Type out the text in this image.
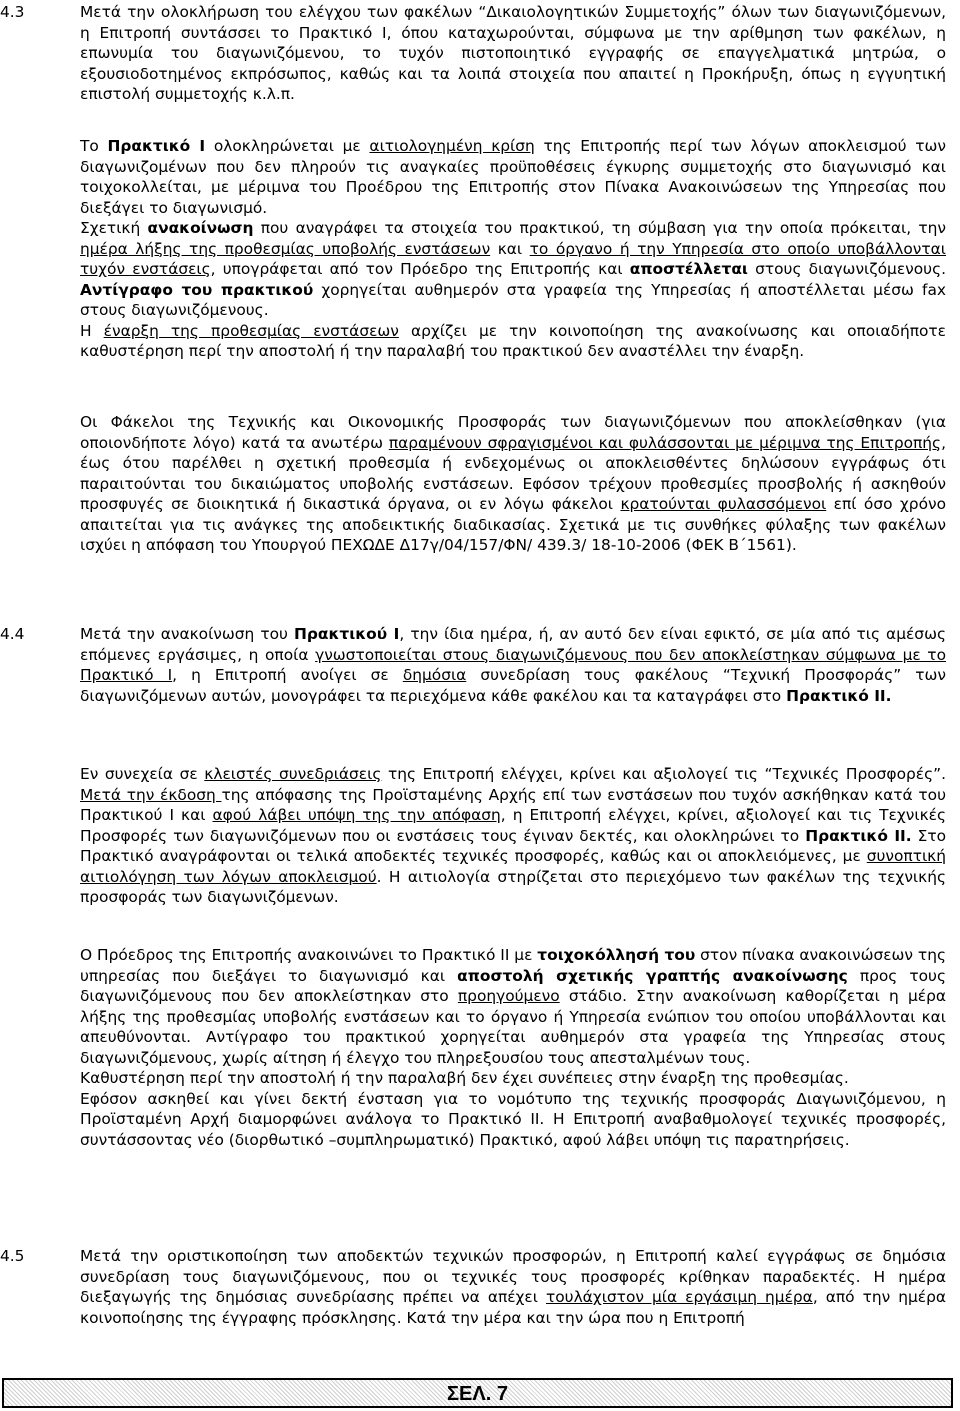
4.3	Μετά την ολοκλήρωση του ελέγχου των φακέλων “Δικαιολογητικών Συμμετοχής” όλων των διαγωνιζόμενων, η Επιτροπή συντάσσει το Πρακτικό Ι, όπου καταχωρούνται, σύμφωνα με την αρίθμηση των φακέλων, η επωνυμία του διαγωνιζόμενου, το τυχόν πιστοποιητικό εγγραφής σε επαγγελματικά μητρώα, ο εξουσιοδοτημένος εκπρόσωπος, καθώς και τα λοιπά στοιχεία που απαιτεί η Προκήρυξη, όπως η εγγυητική επιστολή συμμετοχής κ.λ.π.

Το Πρακτικό Ι ολοκληρώνεται με αιτιολογημένη κρίση της Επιτροπής περί των λόγων αποκλεισμού των διαγωνιζομένων που δεν πληρούν τις αναγκαίες προϋποθέσεις έγκυρης συμμετοχής στο διαγωνισμό και τοιχοκολλείται, με μέριμνα του Προέδρου της Επιτροπής στον Πίνακα Ανακοινώσεων της Υπηρεσίας που διεξάγει το διαγωνισμό.

Σχετική ανακοίνωση που αναγράφει τα στοιχεία του πρακτικού, τη σύμβαση για την οποία πρόκειται, την ημέρα λήξης της προθεσμίας υποβολής ενστάσεων και το όργανο ή την Υπηρεσία στο οποίο υποβάλλονται τυχόν ενστάσεις, υπογράφεται από τον Πρόεδρο της Επιτροπής και αποστέλλεται στους διαγωνιζόμενους. Αντίγραφο του πρακτικού χορηγείται αυθημερόν στα γραφεία της Υπηρεσίας ή αποστέλλεται μέσω fax στους διαγωνιζόμενους.

Η έναρξη της προθεσμίας ενστάσεων αρχίζει με την κοινοποίηση της ανακοίνωσης και οποιαδήποτε καθυστέρηση περί την αποστολή ή την παραλαβή του πρακτικού δεν αναστέλλει την έναρξη.

Οι Φάκελοι της Τεχνικής και Οικονομικής Προσφοράς των διαγωνιζόμενων που αποκλείσθηκαν (για οποιονδήποτε λόγο) κατά τα ανωτέρω παραμένουν σφραγισμένοι και φυλάσσονται με μέριμνα της Επιτροπής, έως ότου παρέλθει η σχετική προθεσμία ή ενδεχομένως οι αποκλεισθέντες δηλώσουν εγγράφως ότι παραιτούνται του δικαιώματος υποβολής ενστάσεων. Εφόσον τρέχουν προθεσμίες προσβολής ή ασκηθούν προσφυγές σε διοικητικά ή δικαστικά όργανα, οι εν λόγω φάκελοι κρατούνται φυλασσόμενοι επί όσο χρόνο απαιτείται για τις ανάγκες της αποδεικτικής διαδικασίας. Σχετικά με τις συνθήκες φύλαξης των φακέλων ισχύει η απόφαση του Υπουργού ΠΕΧΩΔΕ Δ17γ/04/157/ΦΝ/ 439.3/ 18-10-2006 (ΦΕΚ Β΄1561).

4.4	Μετά την ανακοίνωση του Πρακτικού Ι, την ίδια ημέρα, ή, αν αυτό δεν είναι εφικτό, σε μία από τις αμέσως επόμενες εργάσιμες, η οποία γνωστοποιείται στους διαγωνιζόμενους που δεν αποκλείστηκαν σύμφωνα με το Πρακτικό Ι, η Επιτροπή ανοίγει σε δημόσια συνεδρίαση τους φακέλους “Τεχνική Προσφοράς” των διαγωνιζόμενων αυτών, μονογράφει τα περιεχόμενα κάθε φακέλου και τα καταγράφει στο Πρακτικό ΙΙ.

Εν συνεχεία σε κλειστές συνεδριάσεις της Επιτροπή ελέγχει, κρίνει και αξιολογεί τις “Τεχνικές Προσφορές”. Μετά την έκδοση της απόφασης της Προϊσταμένης Αρχής επί των ενστάσεων που τυχόν ασκήθηκαν κατά του Πρακτικού Ι και αφού λάβει υπόψη της την απόφαση, η Επιτροπή ελέγχει, κρίνει, αξιολογεί και τις Τεχνικές Προσφορές των διαγωνιζόμενων που οι ενστάσεις τους έγιναν δεκτές, και ολοκληρώνει το Πρακτικό ΙΙ. Στο Πρακτικό αναγράφονται οι τελικά αποδεκτές τεχνικές προσφορές, καθώς και οι αποκλειόμενες, με συνοπτική αιτιολόγηση των λόγων αποκλεισμού. Η αιτιολογία στηρίζεται στο περιεχόμενο των φακέλων της τεχνικής προσφοράς των διαγωνιζόμενων.

Ο Πρόεδρος της Επιτροπής ανακοινώνει το Πρακτικό ΙΙ με τοιχοκόλλησή του στον πίνακα ανακοινώσεων της υπηρεσίας που διεξάγει το διαγωνισμό και αποστολή σχετικής γραπτής ανακοίνωσης προς τους διαγωνιζόμενους που δεν αποκλείστηκαν στο προηγούμενο στάδιο. Στην ανακοίνωση καθορίζεται η μέρα λήξης της προθεσμίας υποβολής ενστάσεων και το όργανο ή Υπηρεσία ενώπιον του οποίου υποβάλλονται και απευθύνονται. Αντίγραφο του πρακτικού χορηγείται αυθημερόν στα γραφεία της Υπηρεσίας στους διαγωνιζόμενους, χωρίς αίτηση ή έλεγχο του πληρεξουσίου τους απεσταλμένων τους.

Καθυστέρηση περί την αποστολή ή την παραλαβή δεν έχει συνέπειες στην έναρξη της προθεσμίας.

Εφόσον ασκηθεί και γίνει δεκτή ένσταση για το νομότυπο της τεχνικής προσφοράς Διαγωνιζόμενου, η Προϊσταμένη Αρχή διαμορφώνει ανάλογα το Πρακτικό ΙΙ. Η Επιτροπή αναβαθμολογεί τεχνικές προσφορές, συντάσσοντας νέο (διορθωτικό –συμπληρωματικό) Πρακτικό, αφού λάβει υπόψη τις παρατηρήσεις.

4.5	Μετά την οριστικοποίηση των αποδεκτών τεχνικών προσφορών, η Επιτροπή καλεί εγγράφως σε δημόσια συνεδρίαση τους διαγωνιζόμενους, που οι τεχνικές τους προσφορές κρίθηκαν παραδεκτές. Η ημέρα διεξαγωγής της δημόσιας συνεδρίασης πρέπει να απέχει τουλάχιστον μία εργάσιμη ημέρα, από την ημέρα κοινοποίησης της έγγραφης πρόσκλησης. Κατά την μέρα και την ώρα που η Επιτροπή

ΣΕΛ. 7
